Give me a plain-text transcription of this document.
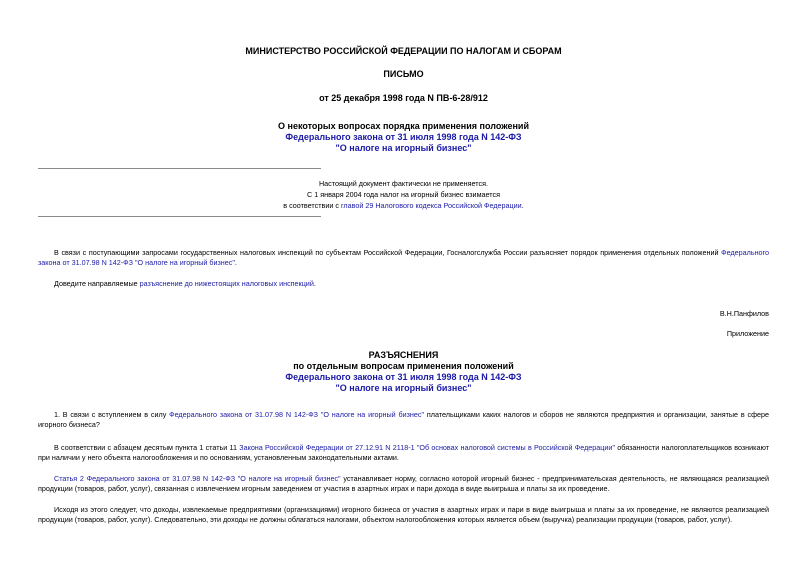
МИНИСТЕРСТВО РОССИЙСКОЙ ФЕДЕРАЦИИ ПО НАЛОГАМ И СБОРАМ
ПИСЬМО
от 25 декабря 1998 года N ПВ-6-28/912
О некоторых вопросах порядка применения положений
Федерального закона от 31 июля 1998 года N 142-ФЗ
"О налоге на игорный бизнес"
Настоящий документ фактически не применяется.
С 1 января 2004 года налог на игорный бизнес взимается
в соответствии с главой 29 Налогового кодекса Российской Федерации.
В связи с поступающими запросами государственных налоговых инспекций по субъектам Российской Федерации, Госналогслужба России разъясняет порядок применения отдельных положений Федерального закона от 31.07.98 N 142-ФЗ "О налоге на игорный бизнес".
Доведите направляемые разъяснение до нижестоящих налоговых инспекций.
В.Н.Панфилов
Приложение
РАЗЪЯСНЕНИЯ
по отдельным вопросам применения положений
Федерального закона от 31 июля 1998 года N 142-ФЗ
"О налоге на игорный бизнес"
1. В связи с вступлением в силу Федерального закона от 31.07.98 N 142-ФЗ "О налоге на игорный бизнес" плательщиками каких налогов и сборов не являются предприятия и организации, занятые в сфере игорного бизнеса?
В соответствии с абзацем десятым пункта 1 статьи 11 Закона Российской Федерации от 27.12.91 N 2118-1 "Об основах налоговой системы в Российской Федерации" обязанности налогоплательщиков возникают при наличии у него объекта налогообложения и по основаниям, установленным законодательными актами.
Статья 2 Федерального закона от 31.07.98 N 142-ФЗ "О налоге на игорный бизнес" устанавливает норму, согласно которой игорный бизнес - предпринимательская деятельность, не являющаяся реализацией продукции (товаров, работ, услуг), связанная с извлечением игорным заведением от участия в азартных играх и пари дохода в виде выигрыша и платы за их проведение.
Исходя из этого следует, что доходы, извлекаемые предприятиями (организациями) игорного бизнеса от участия в азартных играх и пари в виде выигрыша и платы за их проведение, не являются реализацией продукции (товаров, работ, услуг). Следовательно, эти доходы не должны облагаться налогами, объектом налогообложения которых является объем (выручка) реализации продукции (товаров, работ, услуг).
